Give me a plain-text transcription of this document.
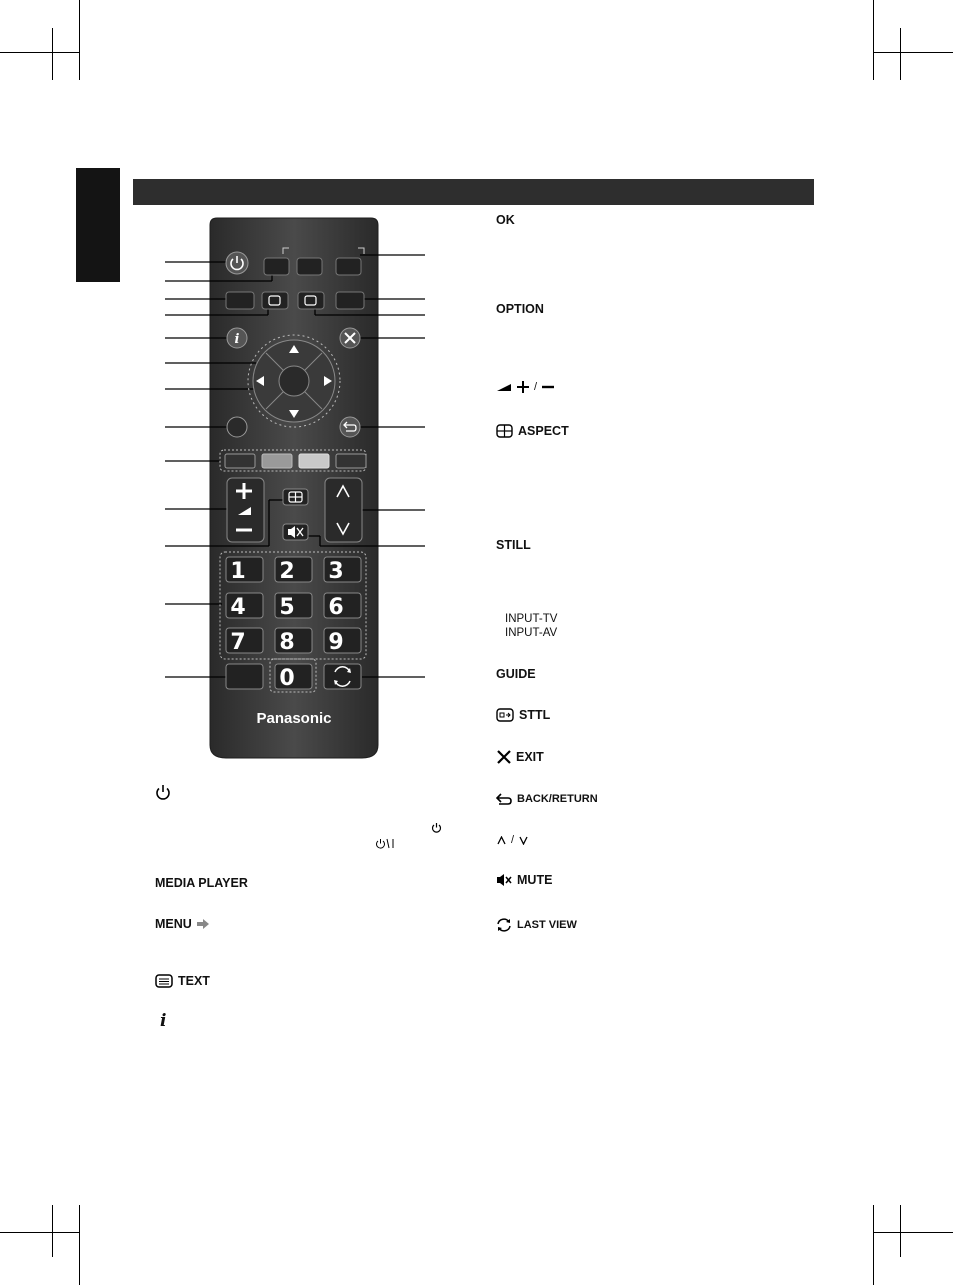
i
1 2 3
4 5 6
7 8 9
0
Panasonic
MEDIA PLAYER
MENU
TEXT
i
OK
OPTION
/
ASPECT
STILL
INPUT-TV
INPUT-AV
GUIDE
STTL
EXIT
BACK/RETURN
/
MUTE
LAST VIEW
